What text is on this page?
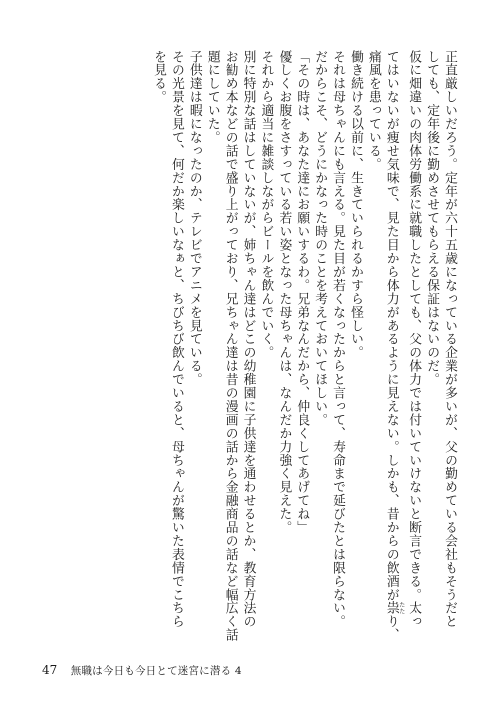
正直厳しいだろう。定年が六十五歳になっている企業が多いが、父の勤めている会社もそうだと

しても、定年後に勤めさせてもらえる保証はないのだ。

仮に畑違いの肉体労働系に就職したとしても、父の体力では付いていけないと断言できる。太っ

てはいないが痩せ気味で、見た目から体力があるように見えない。しかも、昔からの飲酒が祟 たたり、

痛風を患っている。

働き続ける以前に、生きていられるかすら怪しい。

それは母ちゃんにも言える。見た目が若くなったからと言って、寿命まで延びたとは限らない。

だからこそ、どうにかなった時のことを考えておいてほしい。

「その時は、あなた達にお願いするわ。兄弟なんだから、仲良くしてあげてね」

優しくお腹をさすっている若い姿となった母ちゃんは、なんだか力強く見えた。

それから適当に雑談しながらビールを飲んでいく。

別に特別な話はしていないが、姉ちゃん達はどこの幼稚園に子供達を通わせるとか、教育方法の

お勧め本などの話で盛り上がっており、兄ちゃん達は昔の漫画の話から金融商品の話など幅広く話

題にしていた。

子供達は暇になったのか、テレビでアニメを見ている。

その光景を見て、何だか楽しいなぁと、ちびちび飲んでいると、母ちゃんが驚いた表情でこちら

を見る。

47 無職は今日も今日とて迷宮に潜る 4
